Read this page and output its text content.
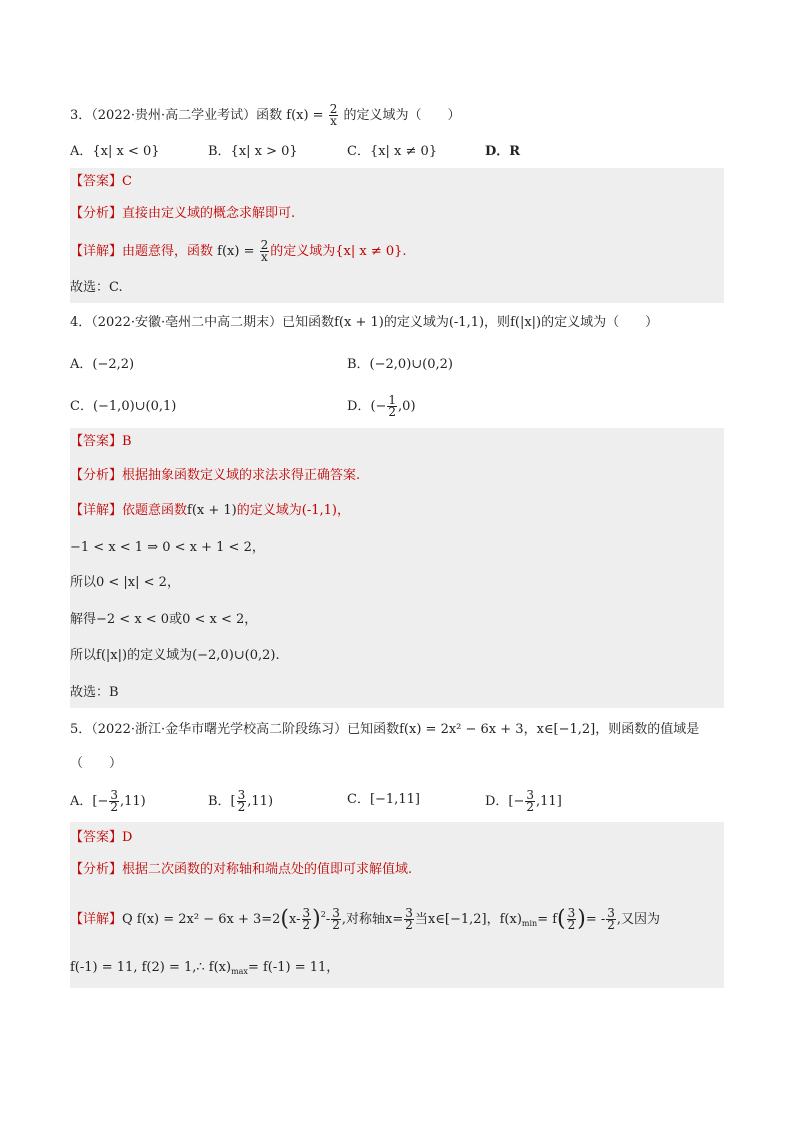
3．（2022·贵州·高二学业考试）函数 $f(x) = \frac{2}{x}$ 的定义域为（　　）
A．{x| x < 0}	B．{x| x > 0}	C．{x| x ≠ 0}	D．R
【答案】C
【分析】直接由定义域的概念求解即可.
【详解】由题意得，函数 $f(x) = \frac{2}{x}$ 的定义域为{x| x ≠ 0}.
故选：C.
4．（2022·安徽·亳州二中高二期末）已知函数f(x + 1)的定义域为(-1,1)，则f(|x|)的定义域为（　　）
A．(−2,2)	B．(−2,0)∪(0,2)
C．(−1,0)∪(0,1)	D．(− $\frac{1}{2} ,0$)
【答案】B
【分析】根据抽象函数定义域的求法求得正确答案.
【详解】依题意函数f(x + 1)的定义域为(-1,1)，
−1 < x < 1 ⇒ 0 < x + 1 < 2，
所以0 < |x| < 2，
解得−2 < x < 0或0 < x < 2，
所以f(|x|)的定义域为(−2,0)∪(0,2).
故选：B
5．（2022·浙江·金华市曙光学校高二阶段练习）已知函数f(x) = 2x² − 6x + 3，x∈[−1,2]，则函数的值域是
（　　）
A．[− $\frac{3}{2} ,11$)	B．[ $\frac{3}{2} ,11$)	C．[−1,11]	D．[− $\frac{3}{2} ,11$]
【答案】D
【分析】根据二次函数的对称轴和端点处的值即可求解值域.
【详解】Q $f(x) = 2x^2 - 6x + 3=2(x- \frac{3}{2} )^2- \frac{3}{2}$ ,对称轴$x= \frac{3}{2}$ 当x∈[−1,2]，$f(x)_{min}= f( \frac{3}{2}$ )= - $\frac{3}{2}$ ,又因为
f(-1) = 11, f(2) = 1,∴ $f(x)_{max}= f(-1) = 11$，
